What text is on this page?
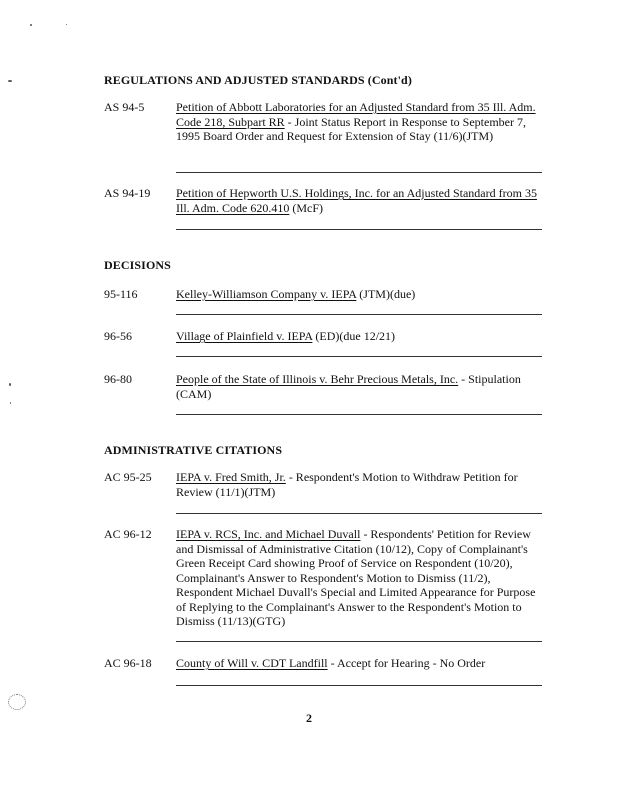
REGULATIONS AND ADJUSTED STANDARDS (Cont'd)
AS 94-5	Petition of Abbott Laboratories for an Adjusted Standard from 35 Ill. Adm. Code 218, Subpart RR - Joint Status Report in Response to September 7, 1995 Board Order and Request for Extension of Stay (11/6)(JTM)
AS 94-19 Petition of Hepworth U.S. Holdings, Inc. for an Adjusted Standard from 35 Ill. Adm. Code 620.410 (McF)
DECISIONS
95-116	Kelley-Williamson Company v. IEPA (JTM)(due)
96-56	Village of Plainfield v. IEPA (ED)(due 12/21)
96-80	People of the State of Illinois v. Behr Precious Metals, Inc. - Stipulation (CAM)
ADMINISTRATIVE CITATIONS
AC 95-25 IEPA v. Fred Smith, Jr. - Respondent's Motion to Withdraw Petition for Review (11/1)(JTM)
AC 96-12 IEPA v. RCS, Inc. and Michael Duvall - Respondents' Petition for Review and Dismissal of Administrative Citation (10/12), Copy of Complainant's Green Receipt Card showing Proof of Service on Respondent (10/20), Complainant's Answer to Respondent's Motion to Dismiss (11/2), Respondent Michael Duvall's Special and Limited Appearance for Purpose of Replying to the Complainant's Answer to the Respondent's Motion to Dismiss (11/13)(GTG)
AC 96-18 County of Will v. CDT Landfill - Accept for Hearing - No Order
2
